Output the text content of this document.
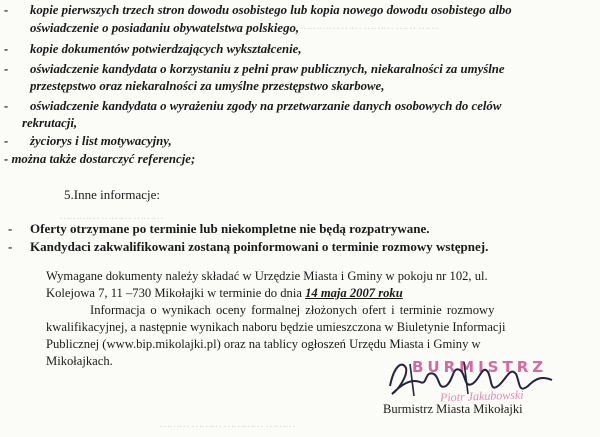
………… …… ……… …… ……
………… ……… ………
……… ……… ………… ………
- kopie pierwszych trzech stron dowodu osobistego lub kopia nowego dowodu osobistego albo
oświadczenie o posiadaniu obywatelstwa polskiego,
- kopie dokumentów potwierdzających wykształcenie,
- oświadczenie kandydata o korzystaniu z pełni praw publicznych, niekaralności za umyślne
przestępstwo oraz niekaralności za umyślne przestępstwo skarbowe,
- oświadczenie kandydata o wyrażeniu zgody na przetwarzanie danych osobowych do celów
rekrutacji,
- życiorys i list motywacyjny,
- można także dostarczyć referencje;
5.Inne informacje:
- Oferty otrzymane po terminie lub niekompletne nie będą rozpatrywane.
- Kandydaci zakwalifikowani zostaną poinformowani o terminie rozmowy wstępnej.
Wymagane dokumenty należy składać w Urzędzie Miasta i Gminy w pokoju nr 102, ul.
Kolejowa 7, 11 –730 Mikołajki w terminie do dnia 14 maja 2007 roku
Informacja o wynikach oceny formalnej złożonych ofert i terminie rozmowy
kwalifikacyjnej, a następnie wynikach naboru będzie umieszczona w Biuletynie Informacji
Publicznej (www.bip.mikolajki.pl) oraz na tablicy ogłoszeń Urzędu Miasta i Gminy w
Mikołajkach.	BURMISTRZ
Piotr Jakubowski
Burmistrz Miasta Mikołajki
